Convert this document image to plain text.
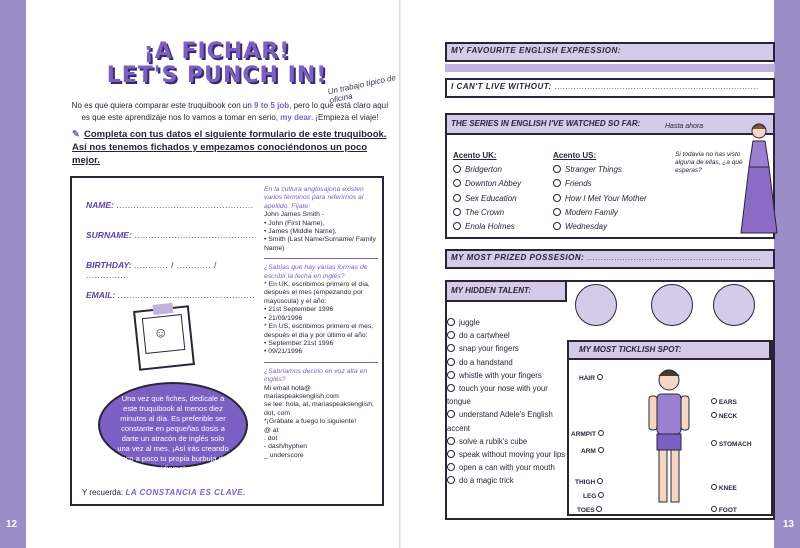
¡A FICHAR!
LET'S PUNCH IN! Un trabajo típico de oficina
No es que quiera comparar este truquibook con un 9 to 5 job, pero lo que está claro aquí es que este aprendizaje nos lo vamos a tomar en serio, my dear. ¡Empieza el viaje!
✎ Completa con tus datos el siguiente formulario de este truquibook. Así nos tenemos fichados y empezamos conociéndonos un poco mejor.
NAME: ................................................
SURNAME: ..........................................
BIRTHDAY: ............ / ............ / ..............
EMAIL: ................................................
☺
Una vez que fiches, dedícale a este truquibook al menos diez minutos al día. Es preferible ser constante en pequeñas dosis a darte un atracón de inglés solo una vez al mes. ¡Así irás creando poco a poco tu propia burbuja del idioma!
Y recuerda: LA CONSTANCIA ES CLAVE.
En la cultura anglosajona existen varios términos para referirnos al apellido. Fíjate:
John James Smith -
• John (First Name),
• James (Middle Name),
• Smith (Last Name/Surname/ Family Name)
¿Sabías que hay varias formas de escribir la fecha en inglés?
* En UK, escribimos primero el día, después el mes (empezando por mayúscula) y el año:
• 21st September 1996
• 21/09/1996
* En US, escribimos primero el mes, después el día y por último el año:
• September 21st 1996
• 09/21/1996
¿Sabríamos decirlo en voz alta en inglés?
Mi email hola@ mariaspeaksenglish.com
se lee: hola, at, mariaspeaksenglish, dot, com
*¡Grábate a fuego lo siguiente!
@ at
. dot
- dash/hyphen
_ underscore
12
MY FAVOURITE ENGLISH EXPRESSION: ............................................................
I CAN'T LIVE WITHOUT: ...........................................................................
THE SERIES IN ENGLISH I'VE WATCHED SO FAR:	Hasta ahora
Acento UK:
Bridgerton
Downton Abbey
Sex Education
The Crown
Enola Holmes
Acento US:
Stranger Things
Friends
How I Met Your Mother
Modern Family
Wednesday
Si todavía no has visto alguna de ellas, ¿a qué esperas?
MY MOST PRIZED POSSESION: ................................................................
MY HIDDEN TALENT:
juggle
do a cartwheel
snap your fingers
do a handstand
whistle with your fingers
touch your nose with your tongue
understand Adele's English accent
solve a rubik's cube
speak without moving your lips
open a can with your mouth
do a magic trick
MY MOST TICKLISH SPOT:
HAIR
ARMPIT
ARM
THIGH
LEG
TOES
EARS
NECK
STOMACH
KNEE
FOOT
13
